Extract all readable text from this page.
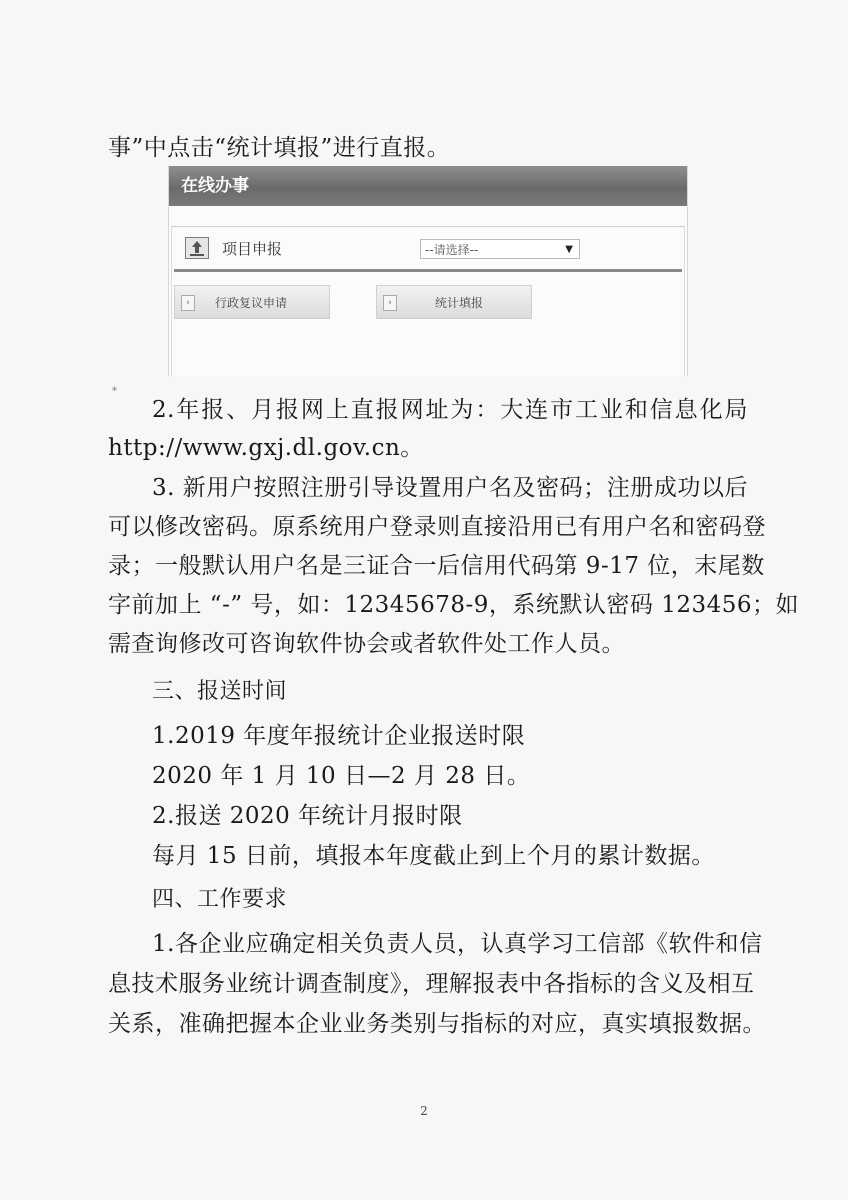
事”中点击“统计填报”进行直报。
在线办事
项目申报	--请选择--	▼
›	行政复议申请	›	统计填报
*
2.年报、月报网上直报网址为：大连市工业和信息化局
http://www.gxj.dl.gov.cn。
3. 新用户按照注册引导设置用户名及密码；注册成功以后
可以修改密码。原系统用户登录则直接沿用已有用户名和密码登
录；一般默认用户名是三证合一后信用代码第 9-17 位，末尾数
字前加上 “-” 号，如：12345678-9，系统默认密码 123456；如
需查询修改可咨询软件协会或者软件处工作人员。
三、报送时间
1.2019 年度年报统计企业报送时限
2020 年 1 月 10 日—2 月 28 日。
2.报送 2020 年统计月报时限
每月 15 日前，填报本年度截止到上个月的累计数据。
四、工作要求
1.各企业应确定相关负责人员，认真学习工信部《软件和信
息技术服务业统计调查制度》，理解报表中各指标的含义及相互
关系，准确把握本企业业务类别与指标的对应，真实填报数据。
2
